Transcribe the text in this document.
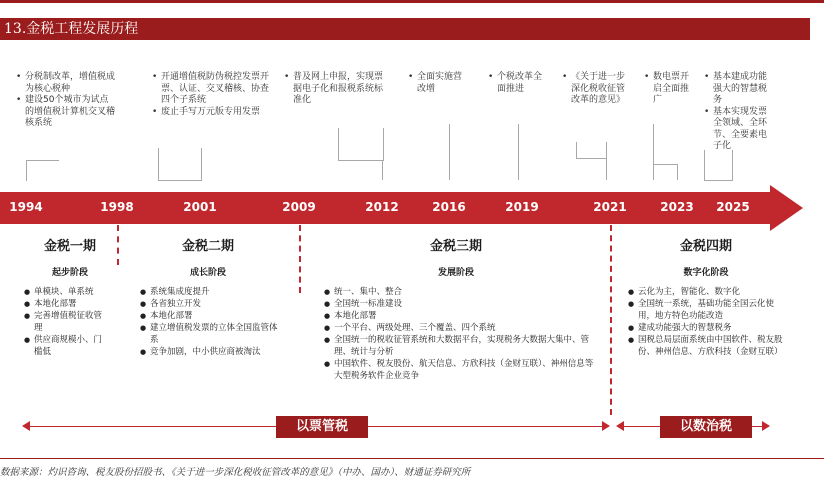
13.金税工程发展历程
• 分税制改革，增值税成为核心税种
• 建设50个城市为试点的增值税计算机交叉稽核系统
• 开通增值税防伪税控发票开票、认证、交叉稽核、协查四个子系统
• 废止手写万元版专用发票
• 普及网上申报，实现票据电子化和报税系统标准化
• 全面实施营改增
• 个税改革全面推进
• 《关于进一步深化税收征管改革的意见》
• 数电票开启全面推广
• 基本建成功能强大的智慧税务
• 基本实现发票全领域、全环节、全要素电子化
1994	1998	2001	2009	2012	2016	2019	2021	2023 2025
金税一期
起步阶段
● 单模块、单系统
● 本地化部署
● 完善增值税征收管理
● 供应商规模小、门槛低
金税二期
成长阶段
● 系统集成度提升
● 各省独立开发
● 本地化部署
● 建立增值税发票的立体全国监管体系
● 竞争加剧，中小供应商被淘汰
金税三期
发展阶段
● 统一、集中、整合
● 全国统一标准建设
● 本地化部署
● 一个平台、两级处理、三个覆盖、四个系统
● 全国统一的税收征管系统和大数据平台，实现税务大数据大集中、管理、统计与分析
● 中国软件、税友股份、航天信息、方欣科技（金财互联）、神州信息等大型税务软件企业竞争
金税四期
数字化阶段
● 云化为主，智能化、数字化
● 全国统一系统，基础功能全国云化使用，地方特色功能改造
● 建成功能强大的智慧税务
● 国税总局层面系统由中国软件、税友股份、神州信息、方欣科技（金财互联）
以票管税	以数治税
数据来源：灼识咨询、税友股份招股书、《关于进一步深化税收征管改革的意见》（中办、国办）、财通证券研究所
